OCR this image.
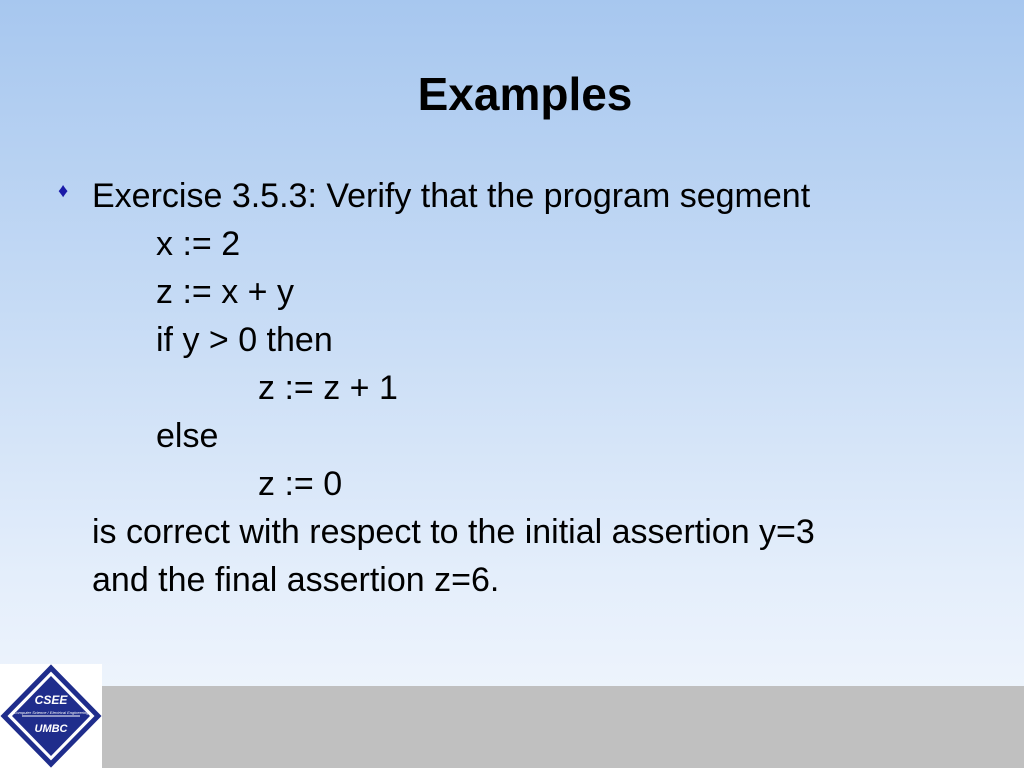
Examples
♦ Exercise 3.5.3: Verify that the program segment
x := 2
z := x + y
if y > 0 then
z := z + 1
else
z := 0
is correct with respect to the initial assertion y=3
and the final assertion z=6.
CSEE
Computer Science / Electrical Engineering
UMBC
